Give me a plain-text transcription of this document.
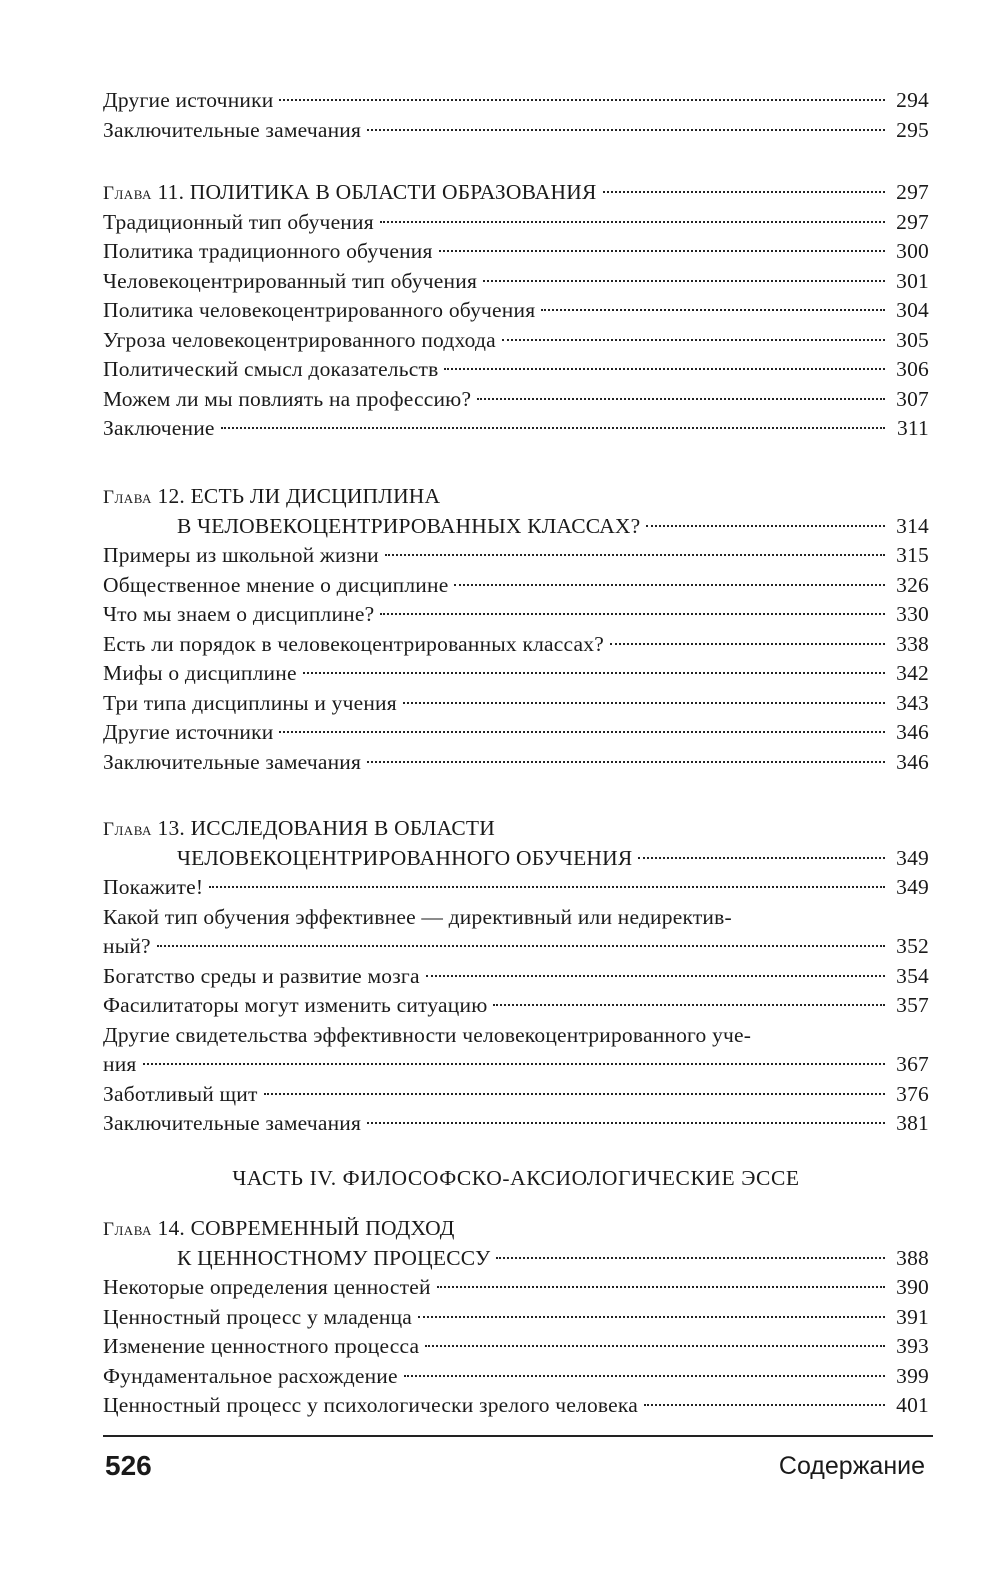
Другие источники	294
Заключительные замечания	295
Глава 11. ПОЛИТИКА В ОБЛАСТИ ОБРАЗОВАНИЯ	297
Традиционный тип обучения	297
Политика традиционного обучения	300
Человекоцентрированный тип обучения	301
Политика человекоцентрированного обучения	304
Угроза человекоцентрированного подхода	305
Политический смысл доказательств	306
Можем ли мы повлиять на профессию?	307
Заключение	311
Глава 12. ЕСТЬ ЛИ ДИСЦИПЛИНА
В ЧЕЛОВЕКОЦЕНТРИРОВАННЫХ КЛАССАХ?	314
Примеры из школьной жизни	315
Общественное мнение о дисциплине	326
Что мы знаем о дисциплине?	330
Есть ли порядок в человекоцентрированных классах?	338
Мифы о дисциплине	342
Три типа дисциплины и учения	343
Другие источники	346
Заключительные замечания	346
Глава 13. ИССЛЕДОВАНИЯ В ОБЛАСТИ
ЧЕЛОВЕКОЦЕНТРИРОВАННОГО ОБУЧЕНИЯ	349
Покажите!	349
Какой тип обучения эффективнее — директивный или недиректив-
ный?	352
Богатство среды и развитие мозга	354
Фасилитаторы могут изменить ситуацию	357
Другие свидетельства эффективности человекоцентрированного уче-
ния	367
Заботливый щит	376
Заключительные замечания	381
ЧАСТЬ IV. ФИЛОСОФСКО-АКСИОЛОГИЧЕСКИЕ ЭССЕ
Глава 14. СОВРЕМЕННЫЙ ПОДХОД
К ЦЕННОСТНОМУ ПРОЦЕССУ	388
Некоторые определения ценностей	390
Ценностный процесс у младенца	391
Изменение ценностного процесса	393
Фундаментальное расхождение	399
Ценностный процесс у психологически зрелого человека	401
526	Содержание
